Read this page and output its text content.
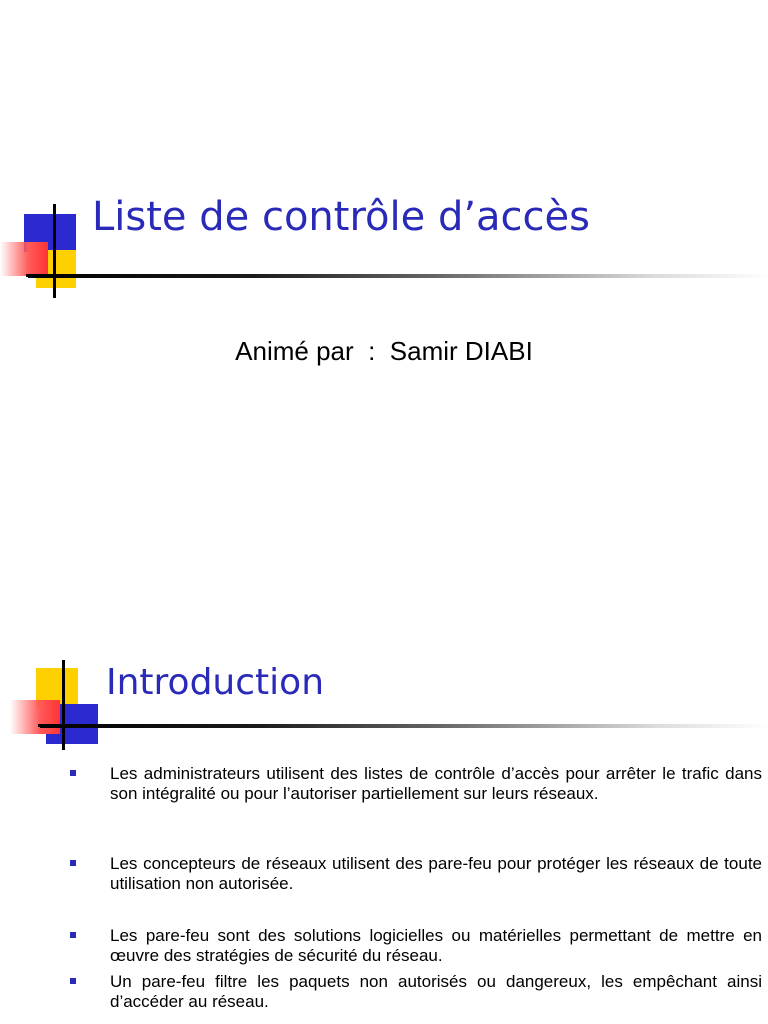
Liste de contrôle d’accès
Animé par  :  Samir DIABI
Introduction
Les administrateurs utilisent des listes de contrôle d’accès pour arrêter le trafic dans son intégralité ou pour l’autoriser partiellement sur leurs réseaux.
Les concepteurs de réseaux utilisent des pare-feu pour protéger les réseaux de toute utilisation non autorisée.
Les pare-feu sont des solutions logicielles ou matérielles permettant de mettre en œuvre des stratégies de sécurité du réseau.
Un pare-feu filtre les paquets non autorisés ou dangereux, les empêchant ainsi d’accéder au réseau.
